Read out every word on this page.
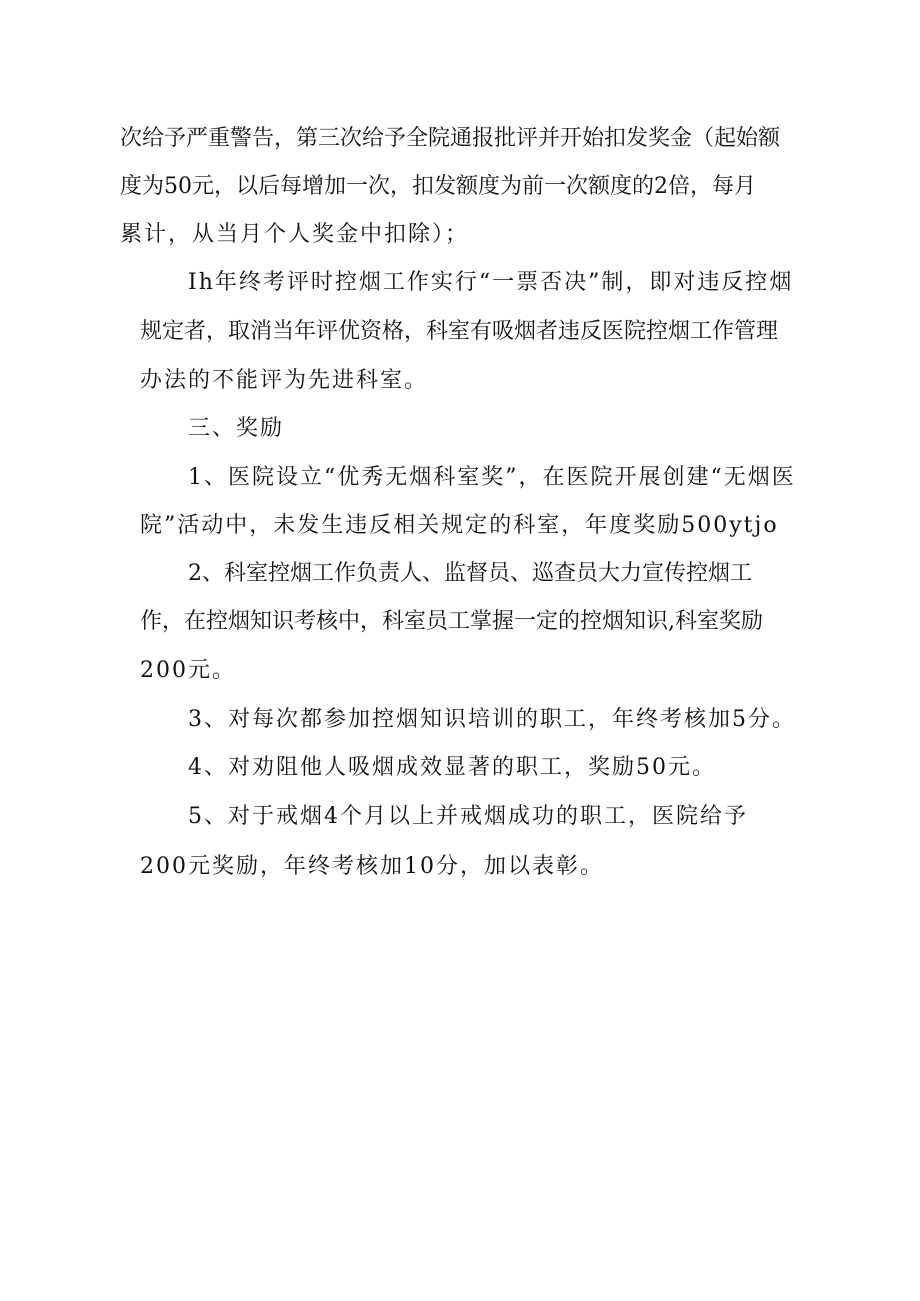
次给予严重警告，第三次给予全院通报批评并开始扣发奖金（起始额
度为50元，以后每增加一次，扣发额度为前一次额度的2倍，每月
累计，从当月个人奖金中扣除）；
Ih年终考评时控烟工作实行“一票否决”制，即对违反控烟
规定者，取消当年评优资格，科室有吸烟者违反医院控烟工作管理
办法的不能评为先进科室。
三、奖励
1、医院设立“优秀无烟科室奖”，在医院开展创建“无烟医
院”活动中，未发生违反相关规定的科室，年度奖励500ytjo
2、科室控烟工作负责人、监督员、巡查员大力宣传控烟工
作，在控烟知识考核中，科室员工掌握一定的控烟知识,科室奖励
200元。
3、对每次都参加控烟知识培训的职工，年终考核加5分。
4、对劝阻他人吸烟成效显著的职工，奖励50元。
5、对于戒烟4个月以上并戒烟成功的职工，医院给予
200元奖励，年终考核加10分，加以表彰。
